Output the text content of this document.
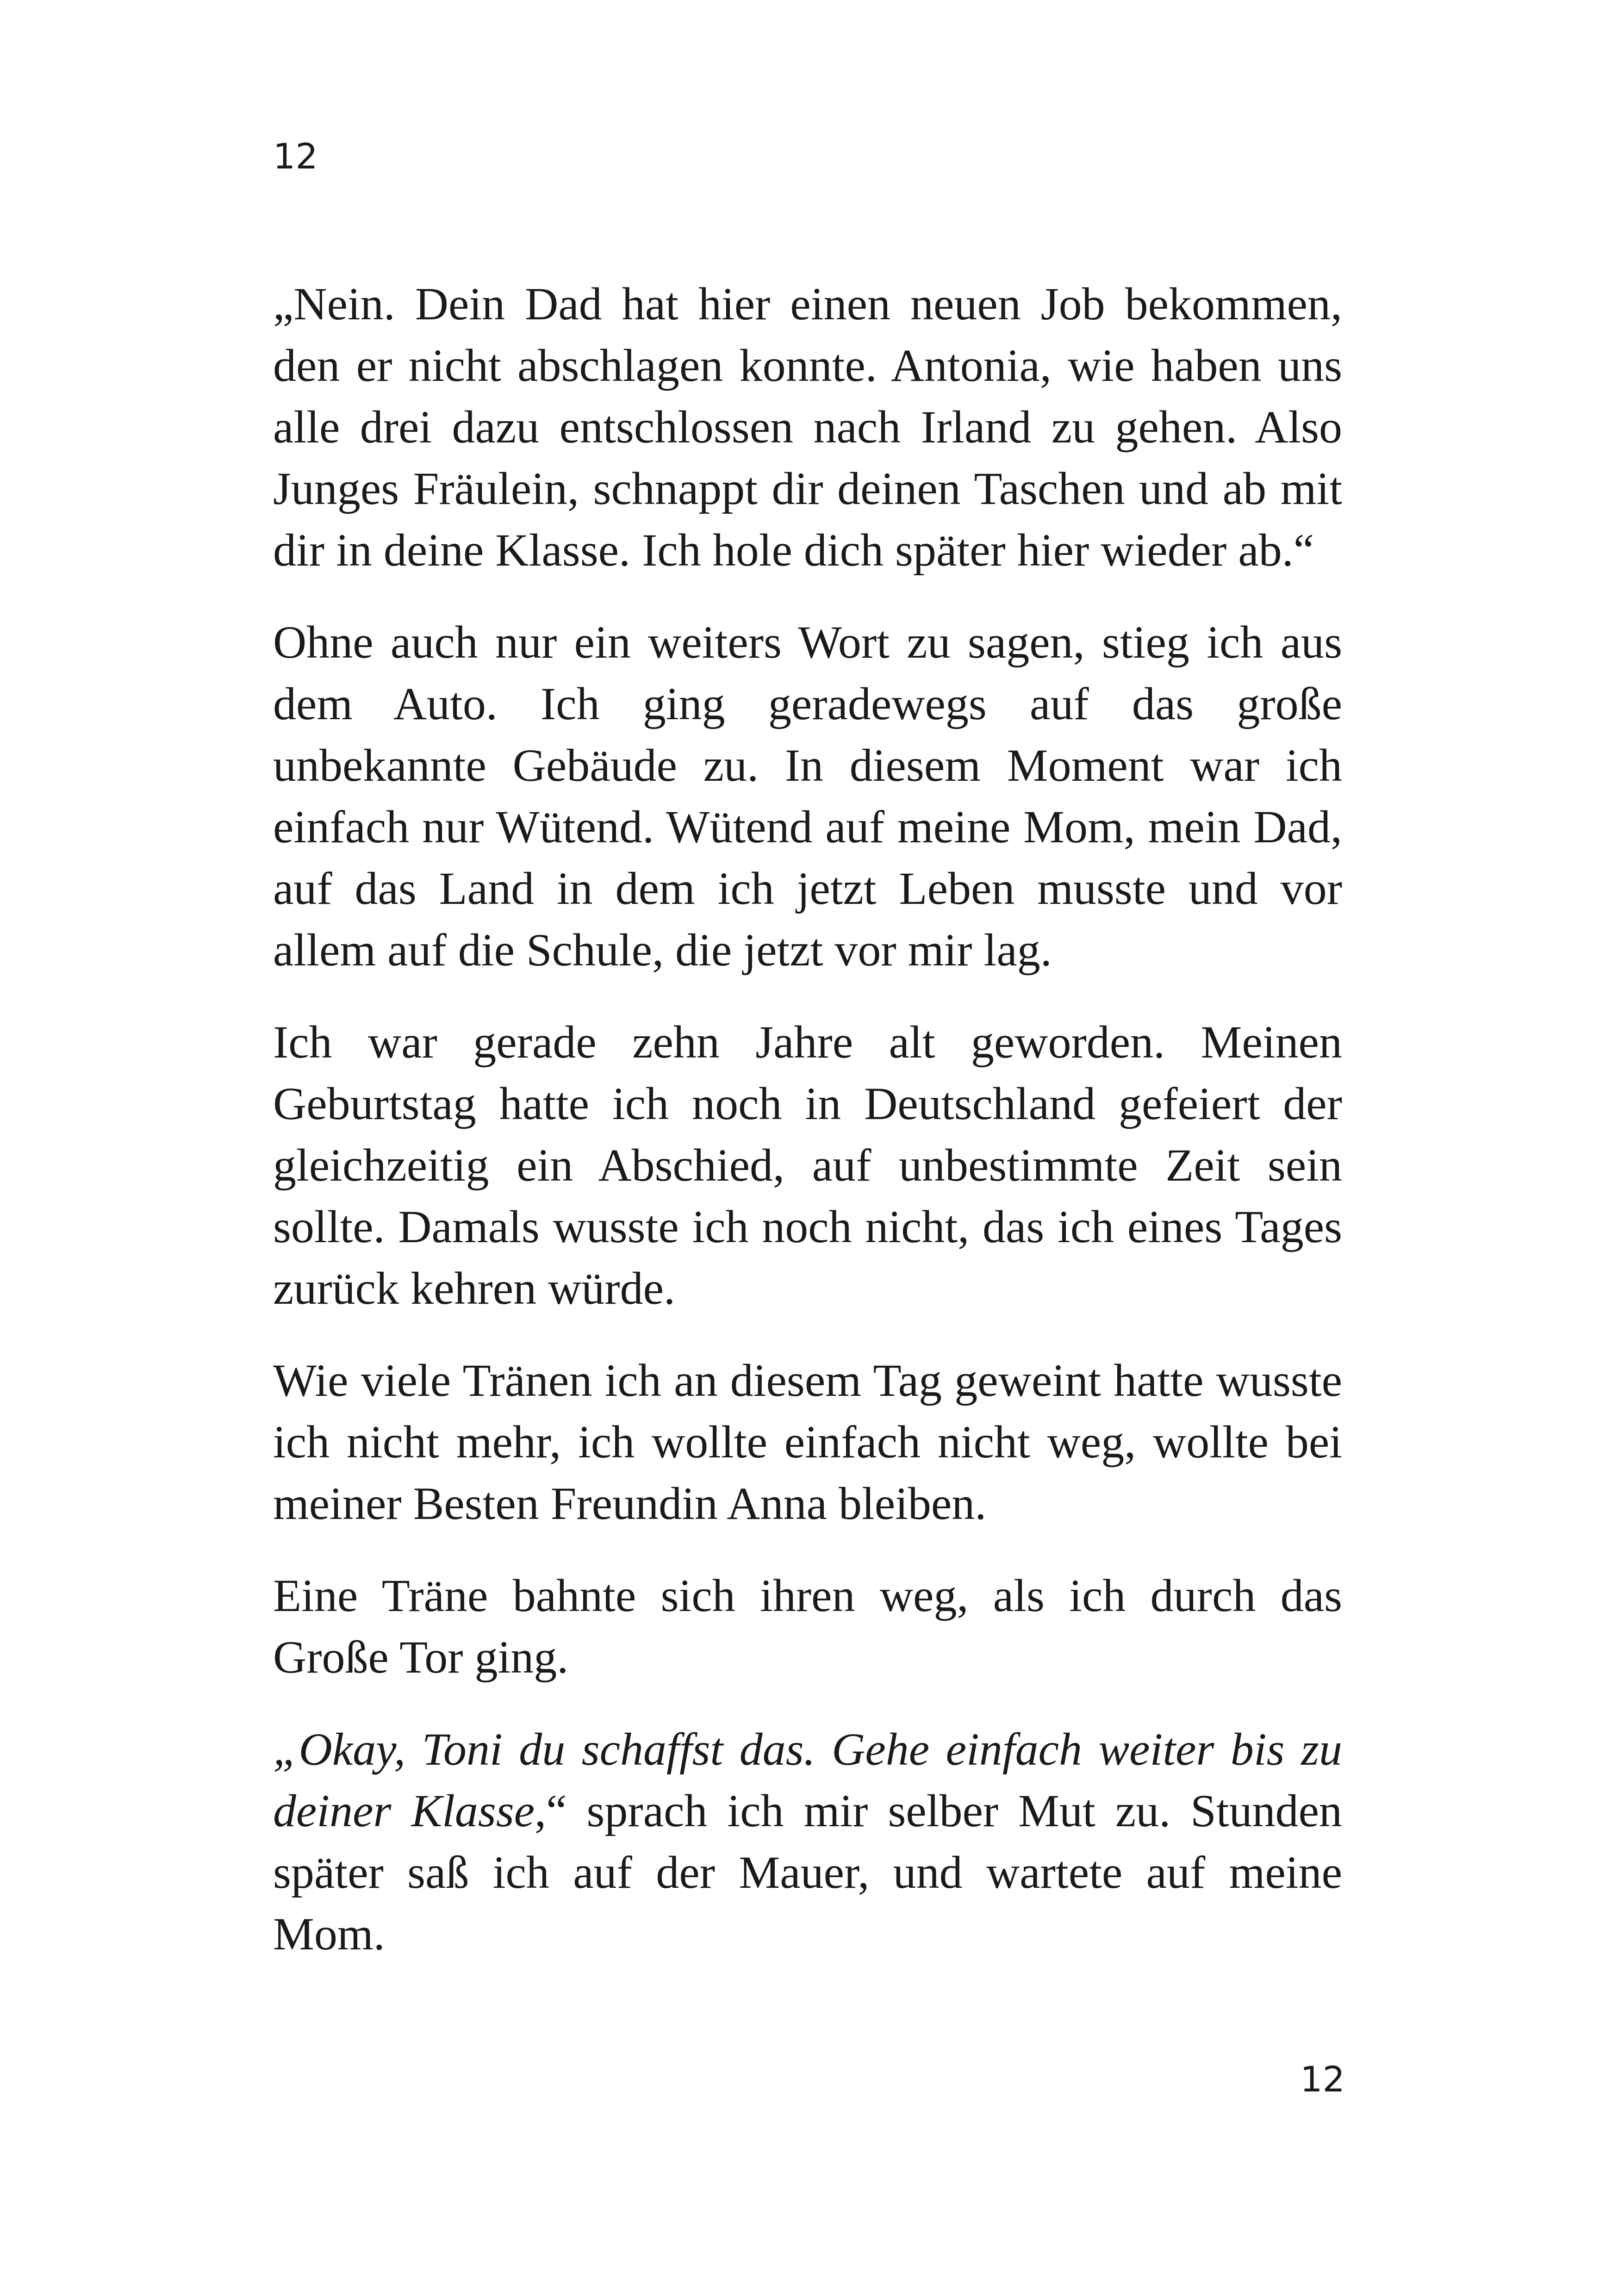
12

„Nein. Dein Dad hat hier einen neuen Job bekommen, den er nicht abschlagen konnte. Antonia, wie haben uns alle drei dazu entschlossen nach Irland zu gehen. Also Junges Fräulein, schnappt dir deinen Taschen und ab mit dir in deine Klasse. Ich hole dich später hier wieder ab.“

Ohne auch nur ein weiters Wort zu sagen, stieg ich aus dem Auto. Ich ging geradewegs auf das große unbekannte Gebäude zu. In diesem Moment war ich einfach nur Wütend. Wütend auf meine Mom, mein Dad, auf das Land in dem ich jetzt Leben musste und vor allem auf die Schule, die jetzt vor mir lag.

Ich war gerade zehn Jahre alt geworden. Meinen Geburtstag hatte ich noch in Deutschland gefeiert der gleichzeitig ein Abschied, auf unbestimmte Zeit sein sollte. Damals wusste ich noch nicht, das ich eines Tages zurück kehren würde.

Wie viele Tränen ich an diesem Tag geweint hatte wusste ich nicht mehr, ich wollte einfach nicht weg, wollte bei meiner Besten Freundin Anna bleiben.

Eine Träne bahnte sich ihren weg, als ich durch das Große Tor ging.

„Okay, Toni du schaffst das. Gehe einfach weiter bis zu deiner Klasse,“ sprach ich mir selber Mut zu. Stunden später saß ich auf der Mauer, und wartete auf meine Mom.

12
